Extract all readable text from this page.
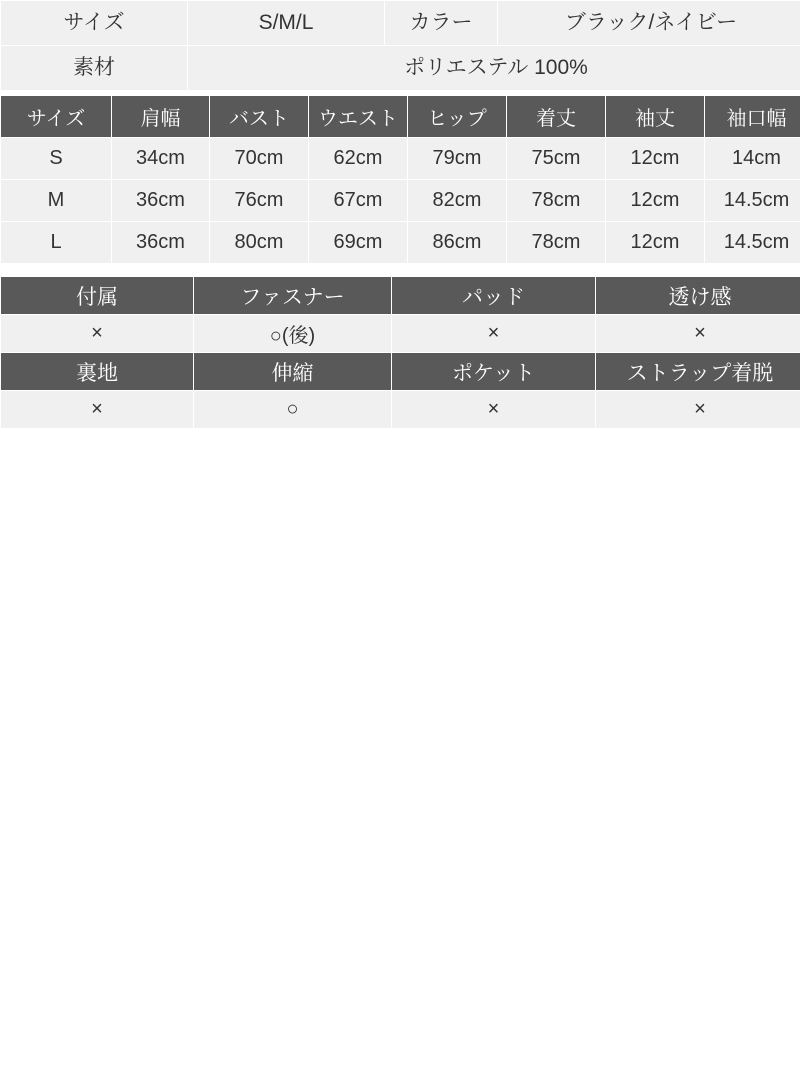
サイズ	S/M/L	カラー	ブラック/ネイビー
素材	ポリエステル 100%		
サイズ	肩幅	バスト	ウエスト	ヒップ	着丈	袖丈	袖口幅
S	34cm	70cm	62cm	79cm	75cm	12cm	14cm
M	36cm	76cm	67cm	82cm	78cm	12cm	14.5cm
L	36cm	80cm	69cm	86cm	78cm	12cm	14.5cm
付属	ファスナー	パッド	透け感
×	○(後)	×	×
裏地	伸縮	ポケット	ストラップ着脱
×	○	×	×
